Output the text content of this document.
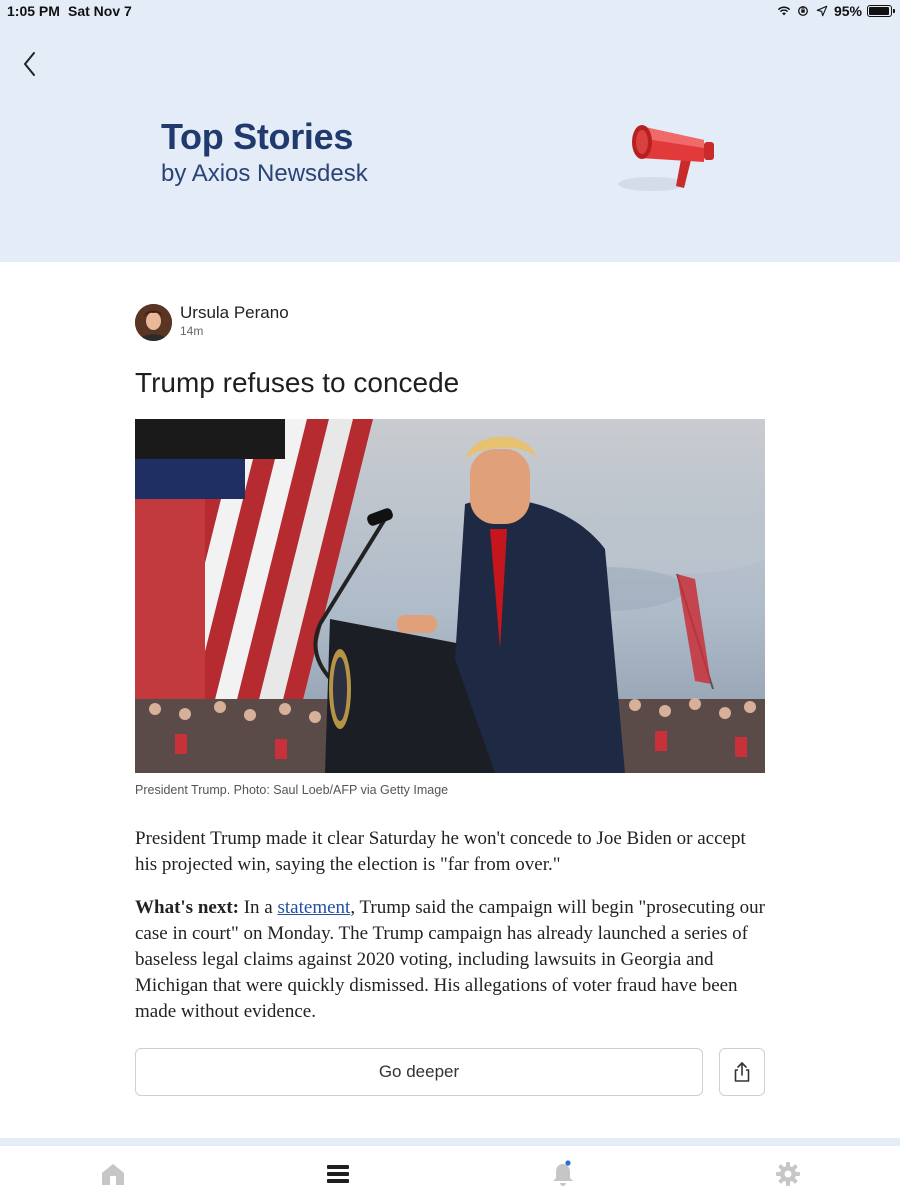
1:05 PM Sat Nov 7	95%
Top Stories
by Axios Newsdesk
Ursula Perano
14m
Trump refuses to concede
President Trump. Photo: Saul Loeb/AFP via Getty Image

President Trump made it clear Saturday he won't concede to Joe Biden or accept his projected win, saying the election is "far from over."

What's next: In a statement, Trump said the campaign will begin "prosecuting our case in court" on Monday. The Trump campaign has already launched a series of baseless legal claims against 2020 voting, including lawsuits in Georgia and Michigan that were quickly dismissed. His allegations of voter fraud have been made without evidence.

Go deeper
